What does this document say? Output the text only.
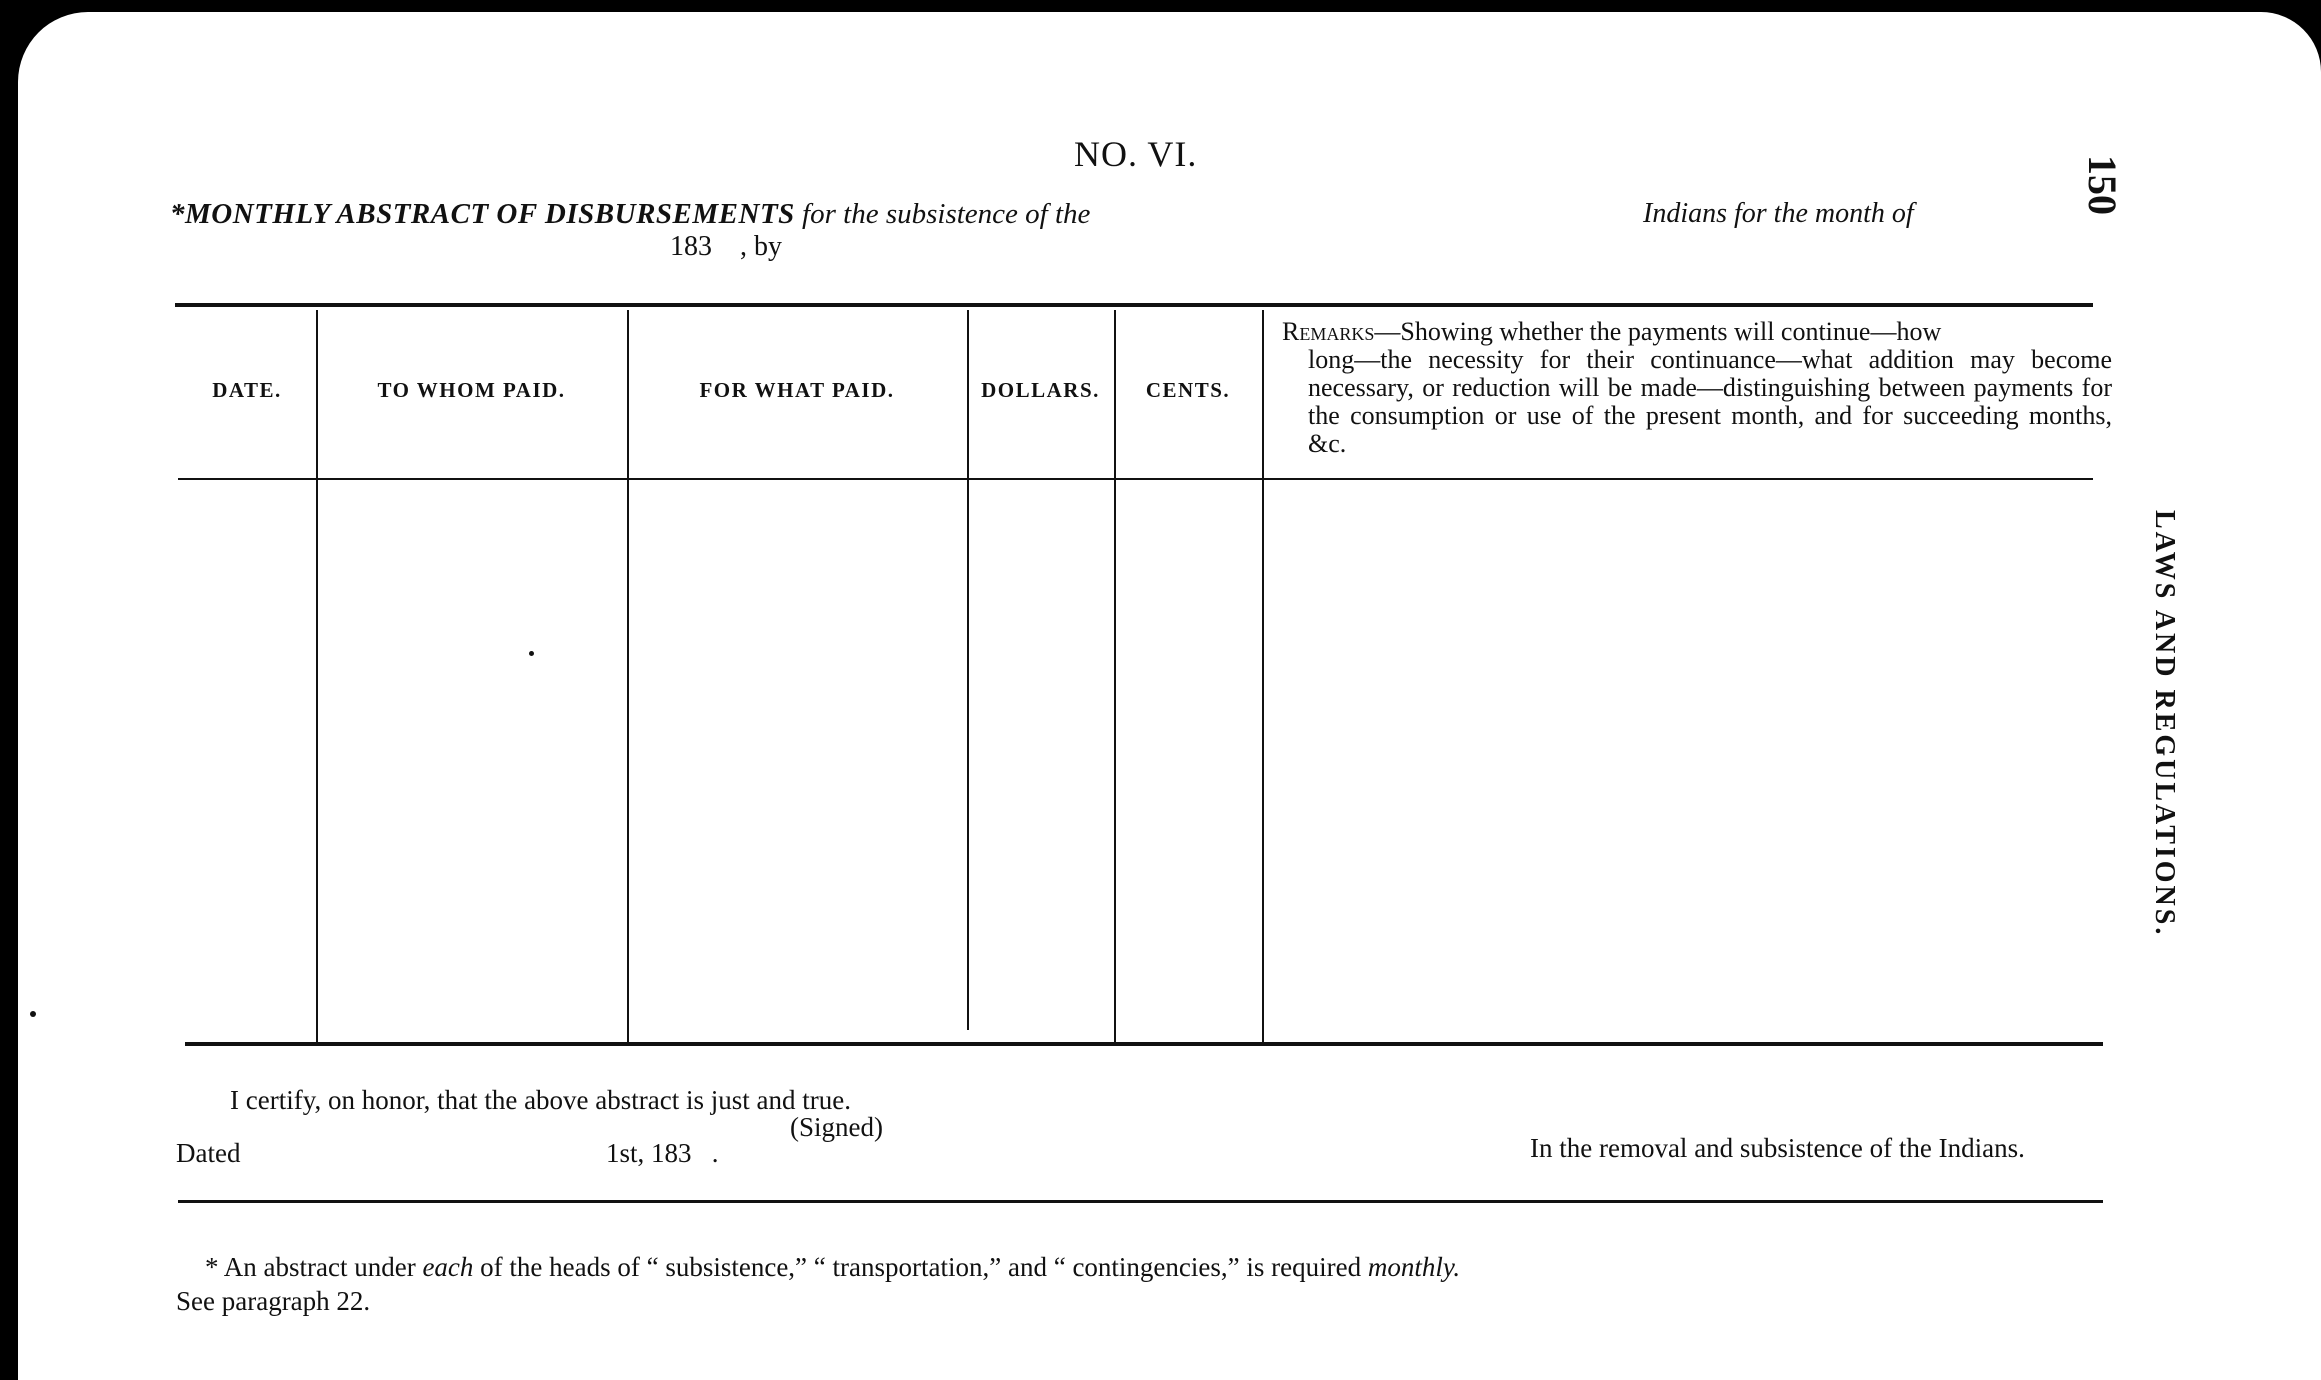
NO. VI.
150
LAWS AND REGULATIONS.
*MONTHLY ABSTRACT OF DISBURSEMENTS for the subsistence of the	Indians for the month of
183    , by
DATE.	TO WHOM PAID.	FOR WHAT PAID.	DOLLARS.	CENTS.
Remarks—Showing whether the payments will continue—how
long—the necessity for their continuance—what addition may become necessary, or reduction will be made—distinguishing between payments for the consumption or use of the present month, and for succeeding months, &c.
I certify, on honor, that the above abstract is just and true.
(Signed)
Dated	1st, 183   .	In the removal and subsistence of the Indians.
* An abstract under each of the heads of “ subsistence,” “ transportation,” and “ contingencies,” is required monthly.
See paragraph 22.
